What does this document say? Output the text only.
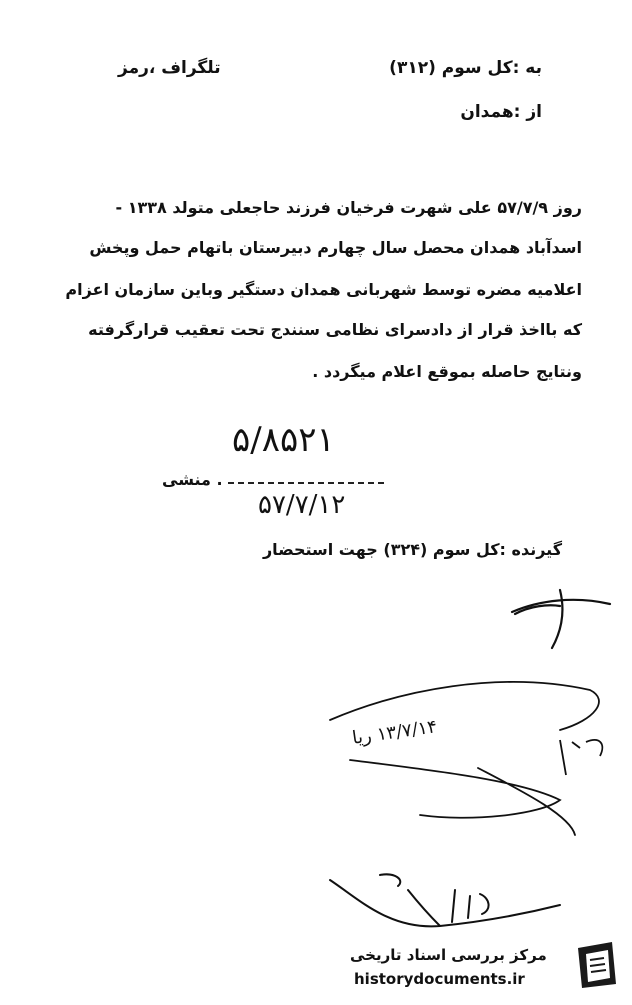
به :کل سوم (۳۱۲)
تلگراف ،رمز
از :همدان
روز ۵۷/۷/۹ علی شهرت فرخیان فرزند حاجعلی متولد ۱۳۳۸ -
اسدآباد همدان محصل سال چهارم دبیرستان باتهام حمل وپخش
اعلامیه مضره توسط شهربانی همدان دستگیر وباین سازمان اعزام
که بااخذ قرار از دادسرای نظامی سنندج تحت تعقیب قرارگرفته
ونتایج حاصله بموقع اعلام میگردد .
۵/۸۵۲۱
. منشی
۵۷/۷/۱۲
گیرنده :کل سوم (۳۲۴) جهت استحضار
۱۳/۷/۱۴ ریا
مرکز بررسی اسناد تاریخی
historydocuments.ir
